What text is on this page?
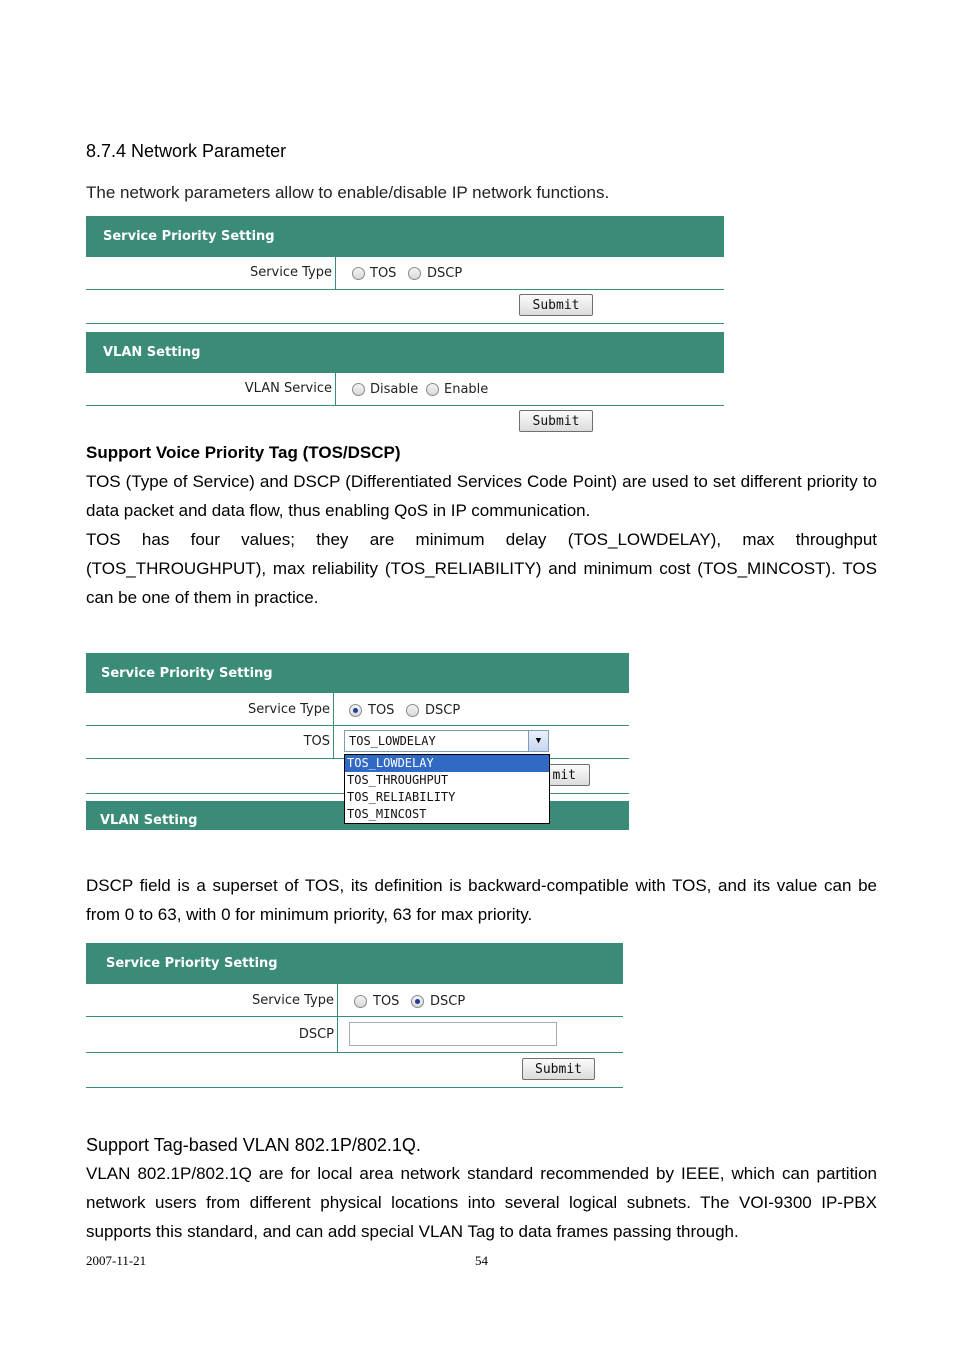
8.7.4 Network Parameter
The network parameters allow to enable/disable IP network functions.
Service Priority Setting
Service Type	TOS DSCP
Submit
VLAN Setting
VLAN Service	Disable Enable
Submit
Support Voice Priority Tag (TOS/DSCP)

TOS (Type of Service) and DSCP (Differentiated Services Code Point) are used to set different priority to data packet and data flow, thus enabling QoS in IP communication.

TOS has four values; they are minimum delay (TOS_LOWDELAY), max throughput (TOS_THROUGHPUT), max reliability (TOS_RELIABILITY) and minimum cost (TOS_MINCOST). TOS can be one of them in practice.

Service Priority Setting
Service Type	TOS DSCP
TOS	TOS_LOWDELAY	▼
mit
VLAN Setting
TOS_LOWDELAY
TOS_THROUGHPUT
TOS_RELIABILITY
TOS_MINCOST
DSCP field is a superset of TOS, its definition is backward-compatible with TOS, and its value can be from 0 to 63, with 0 for minimum priority, 63 for max priority.
Service Priority Setting
Service Type	TOS DSCP
DSCP
Submit
Support Tag-based VLAN 802.1P/802.1Q.
VLAN 802.1P/802.1Q are for local area network standard recommended by IEEE, which can partition network users from different physical locations into several logical subnets. The VOI-9300 IP-PBX supports this standard, and can add special VLAN Tag to data frames passing through.
2007-11-21	54
